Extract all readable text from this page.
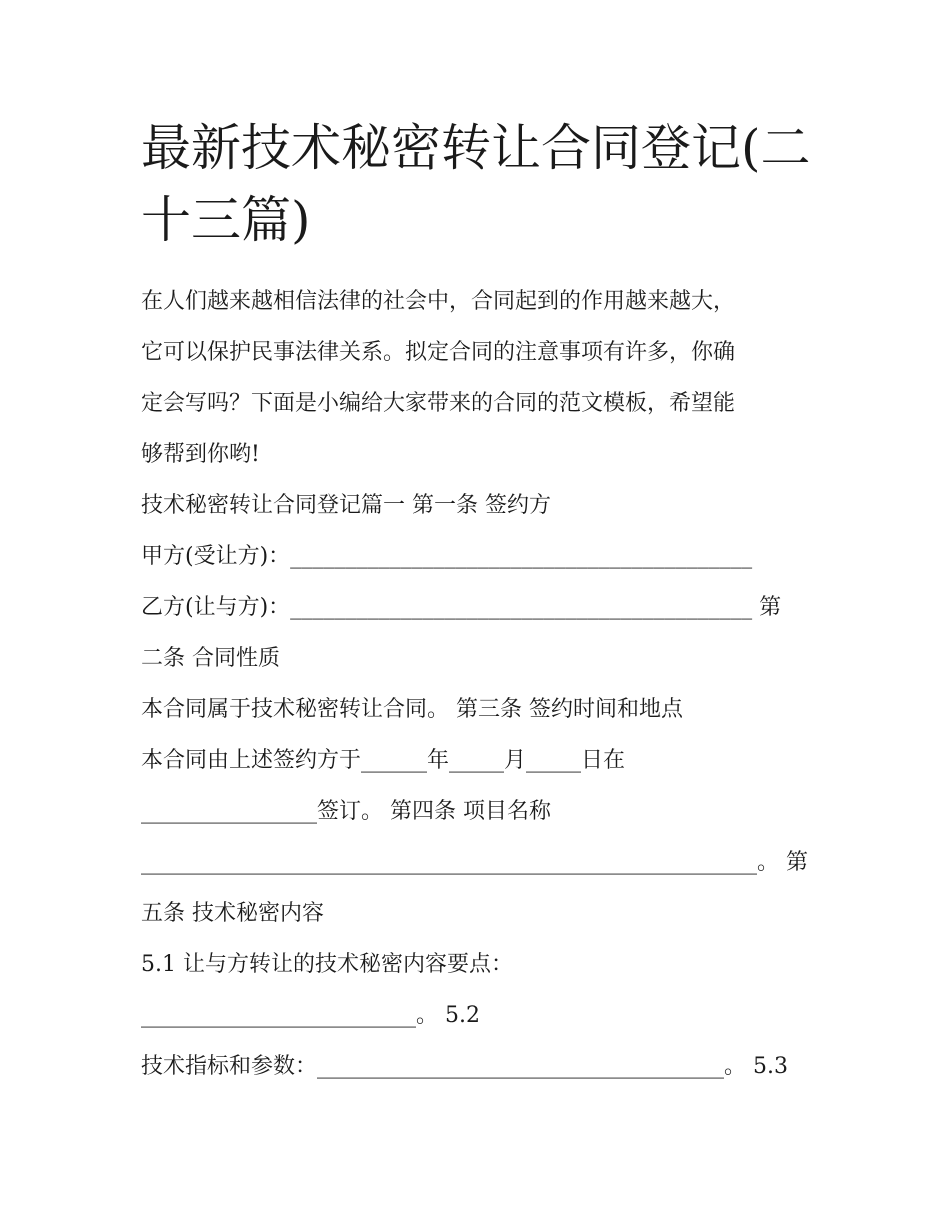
最新技术秘密转让合同登记(二
十三篇)
在人们越来越相信法律的社会中，合同起到的作用越来越大，
它可以保护民事法律关系。拟定合同的注意事项有许多，你确
定会写吗？下面是小编给大家带来的合同的范文模板，希望能
够帮到你哟!
技术秘密转让合同登记篇一 第一条 签约方
甲方(受让方)：__________________________________________
乙方(让与方)：__________________________________________ 第
二条 合同性质
本合同属于技术秘密转让合同。 第三条 签约时间和地点
本合同由上述签约方于______年_____月_____日在
________________签订。 第四条 项目名称
________________________________________________________。 第
五条 技术秘密内容
5.1 让与方转让的技术秘密内容要点：
_________________________。 5.2
技术指标和参数：_____________________________________。 5.3
